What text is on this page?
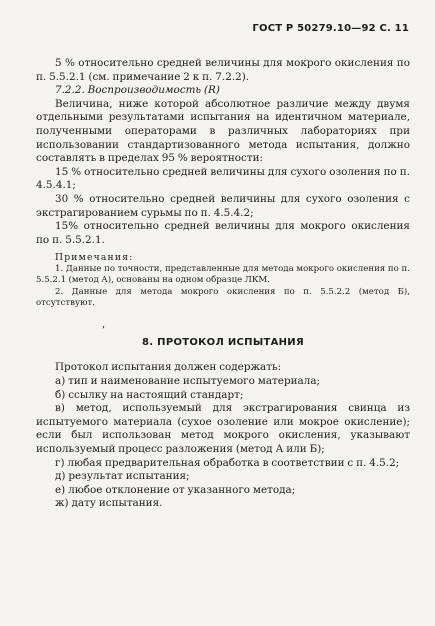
ГОСТ Р 50279.10—92 С. 11

5 % относительно средней величины для мокрого окисления по п. 5.5.2.1 (см. примечание 2 к п. 7.2.2).

7.2.2. Воспроизводимость (R)

Величина, ниже которой абсолютное различие между двумя отдельными результатами испытания на идентичном материале, полученными операторами в различных лабораториях при использовании стандартизованного метода испытания, должно составлять в пределах 95 % вероятности:

15 % относительно средней величины для сухого озоления по п. 4.5.4.1;

30 % относительно средней величины для сухого озоления с экстрагированием сурьмы по п. 4.5.4.2;

15% относительно средней величины для мокрого окисления по п. 5.5.2.1.

Примечания:

1. Данные по точности, представленные для метода мокрого окисления по п. 5.5.2.1 (метод А), основаны на одном образце ЛКМ.

2. Данные для метода мокрого окисления по п. 5.5.2.2 (метод Б), отсутствуют.

8. ПРОТОКОЛ ИСПЫТАНИЯ

Протокол испытания должен содержать:

а) тип и наименование испытуемого материала;

б) ссылку на настоящий стандарт;

в) метод, используемый для экстрагирования свинца из испытуемого материала (сухое озоление или мокрое окисление); если был использован метод мокрого окисления, указывают используемый процесс разложения (метод А или Б);

г) любая предварительная обработка в соответствии с п. 4.5.2;

д) результат испытания;

е) любое отклонение от указанного метода;

ж) дату испытания.

,
